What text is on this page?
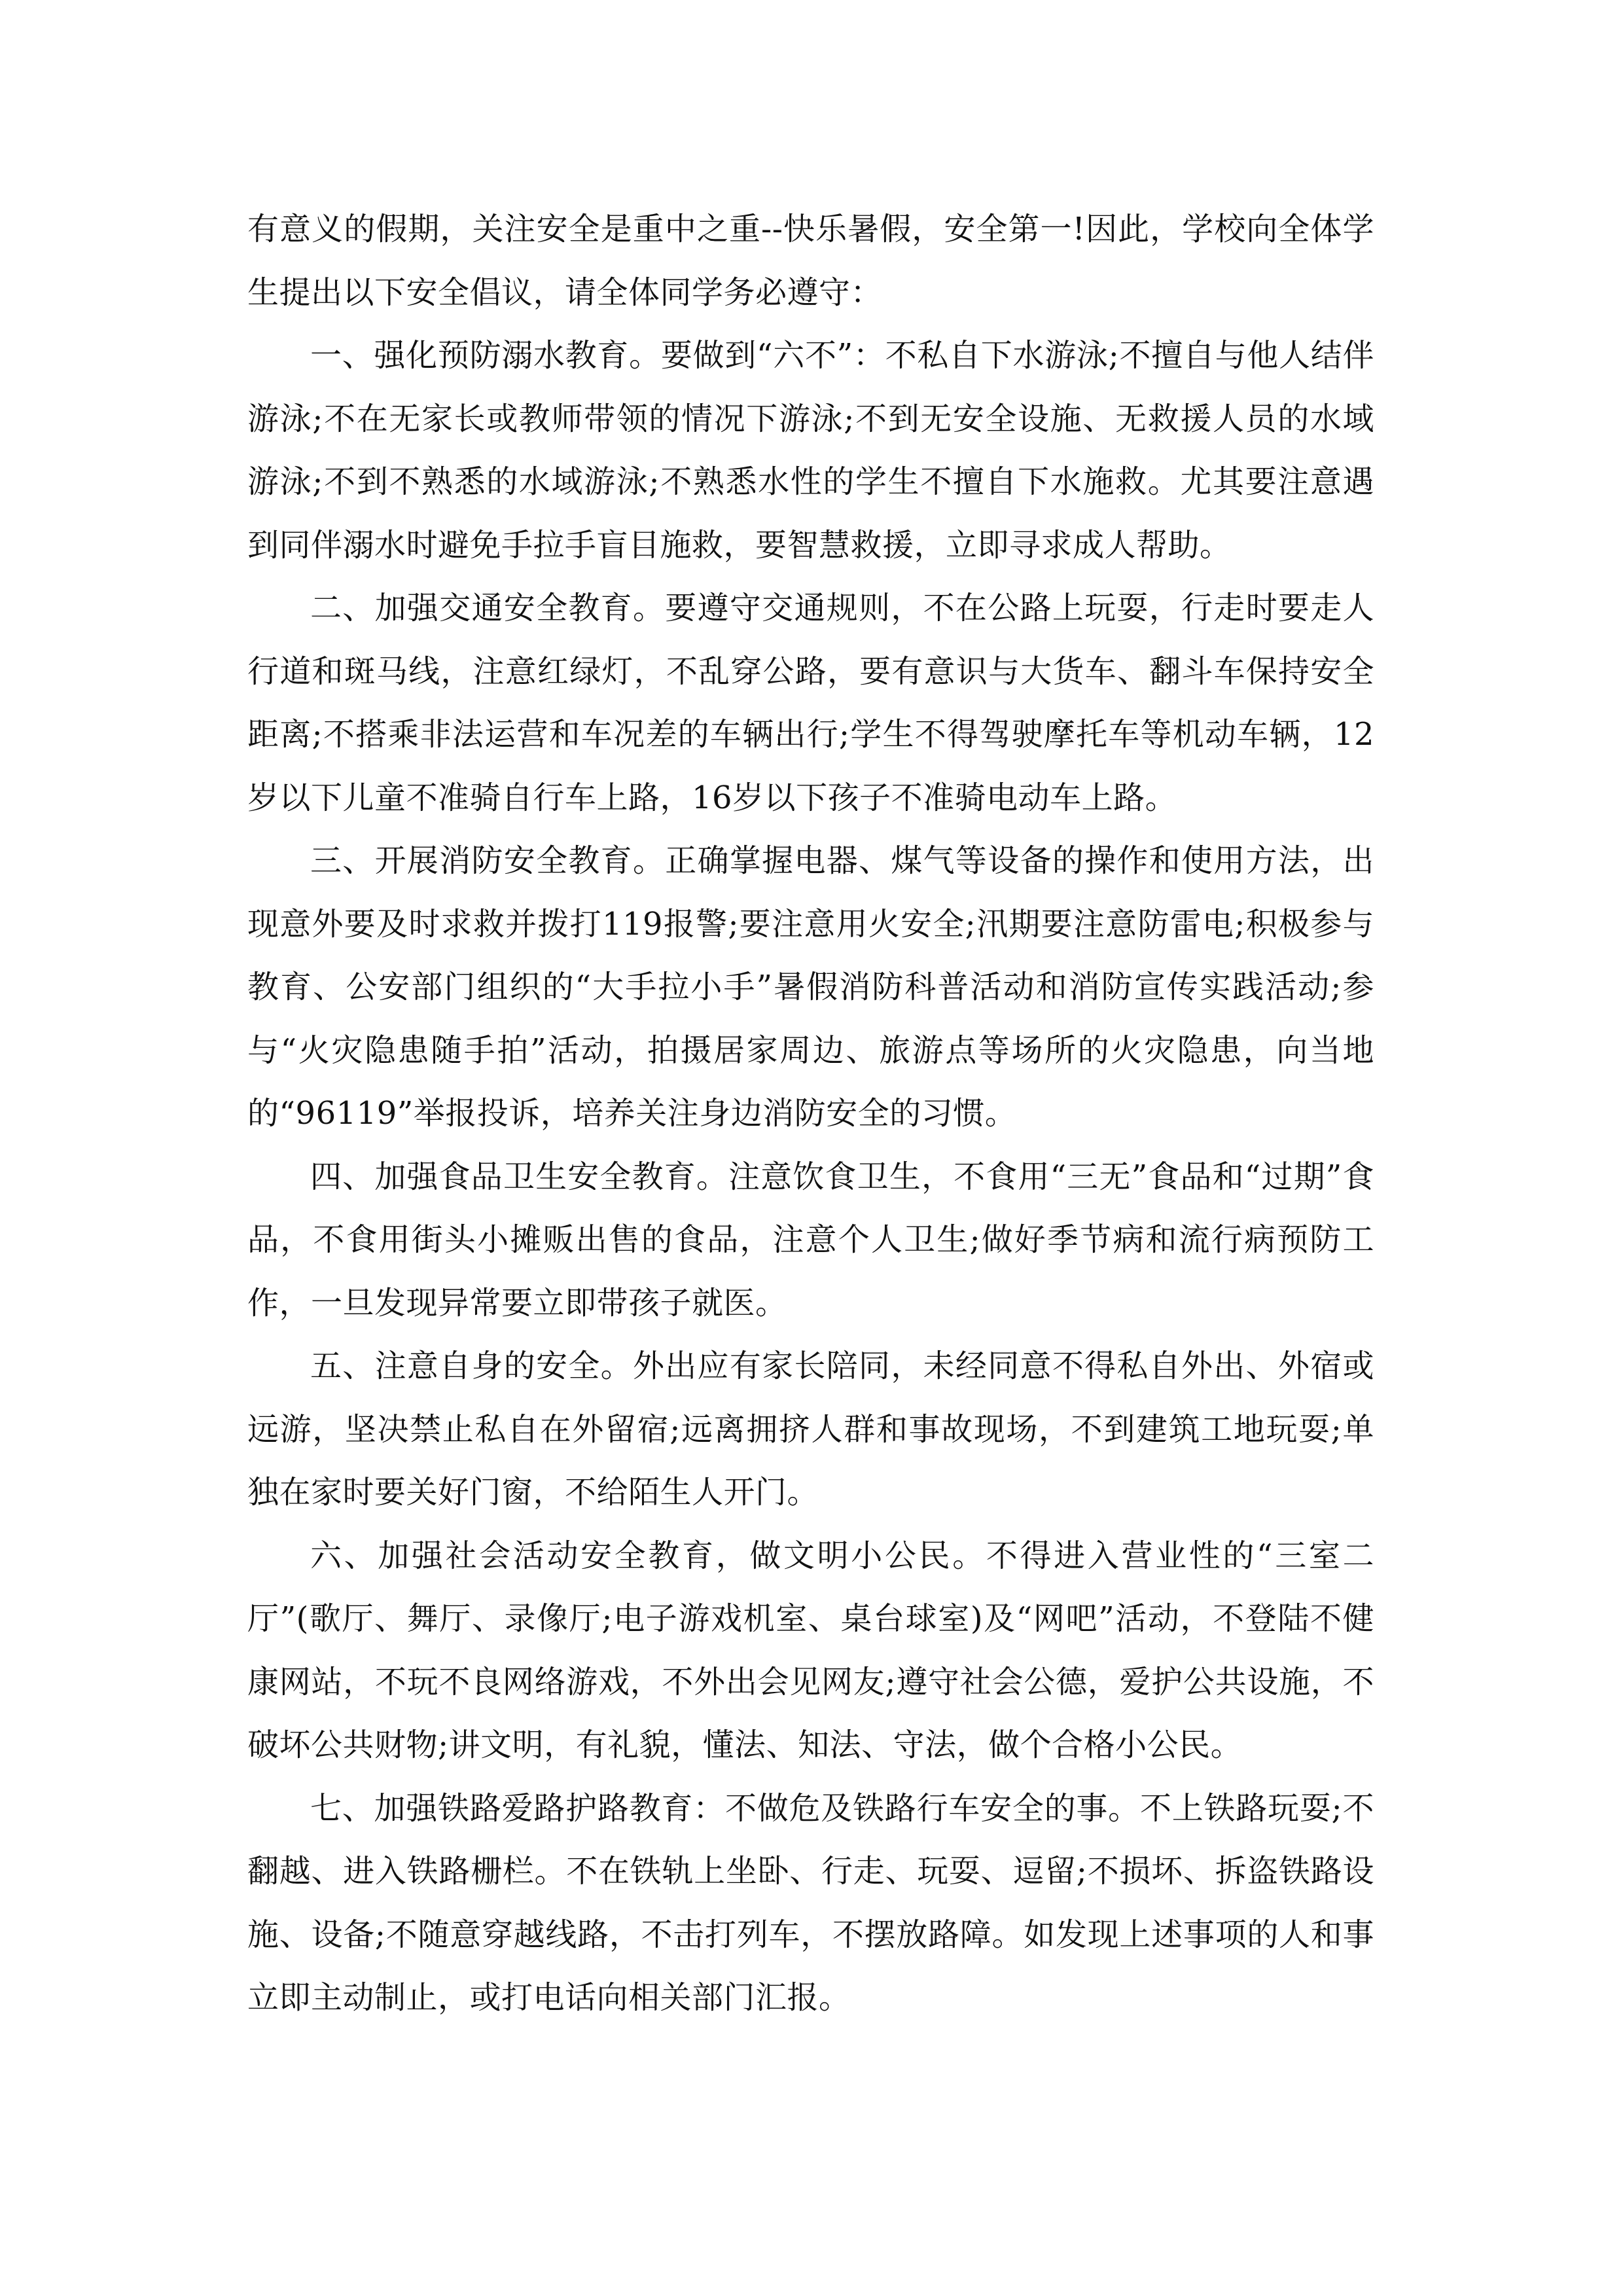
有意义的假期，关注安全是重中之重--快乐暑假，安全第一!因此，学校向全体学生提出以下安全倡议，请全体同学务必遵守：

一、强化预防溺水教育。要做到“六不”：不私自下水游泳;不擅自与他人结伴游泳;不在无家长或教师带领的情况下游泳;不到无安全设施、无救援人员的水域游泳;不到不熟悉的水域游泳;不熟悉水性的学生不擅自下水施救。尤其要注意遇到同伴溺水时避免手拉手盲目施救，要智慧救援，立即寻求成人帮助。

二、加强交通安全教育。要遵守交通规则，不在公路上玩耍，行走时要走人行道和斑马线，注意红绿灯，不乱穿公路，要有意识与大货车、翻斗车保持安全距离;不搭乘非法运营和车况差的车辆出行;学生不得驾驶摩托车等机动车辆，12岁以下儿童不准骑自行车上路，16岁以下孩子不准骑电动车上路。

三、开展消防安全教育。正确掌握电器、煤气等设备的操作和使用方法，出现意外要及时求救并拨打119报警;要注意用火安全;汛期要注意防雷电;积极参与教育、公安部门组织的“大手拉小手”暑假消防科普活动和消防宣传实践活动;参与“火灾隐患随手拍”活动，拍摄居家周边、旅游点等场所的火灾隐患，向当地的“96119”举报投诉，培养关注身边消防安全的习惯。

四、加强食品卫生安全教育。注意饮食卫生，不食用“三无”食品和“过期”食品，不食用街头小摊贩出售的食品，注意个人卫生;做好季节病和流行病预防工作，一旦发现异常要立即带孩子就医。

五、注意自身的安全。外出应有家长陪同，未经同意不得私自外出、外宿或远游，坚决禁止私自在外留宿;远离拥挤人群和事故现场，不到建筑工地玩耍;单独在家时要关好门窗，不给陌生人开门。

六、加强社会活动安全教育，做文明小公民。不得进入营业性的“三室二厅”(歌厅、舞厅、录像厅;电子游戏机室、桌台球室)及“网吧”活动，不登陆不健康网站，不玩不良网络游戏，不外出会见网友;遵守社会公德，爱护公共设施，不破坏公共财物;讲文明，有礼貌，懂法、知法、守法，做个合格小公民。

七、加强铁路爱路护路教育：不做危及铁路行车安全的事。不上铁路玩耍;不翻越、进入铁路栅栏。不在铁轨上坐卧、行走、玩耍、逗留;不损坏、拆盗铁路设施、设备;不随意穿越线路，不击打列车，不摆放路障。如发现上述事项的人和事立即主动制止，或打电话向相关部门汇报。
